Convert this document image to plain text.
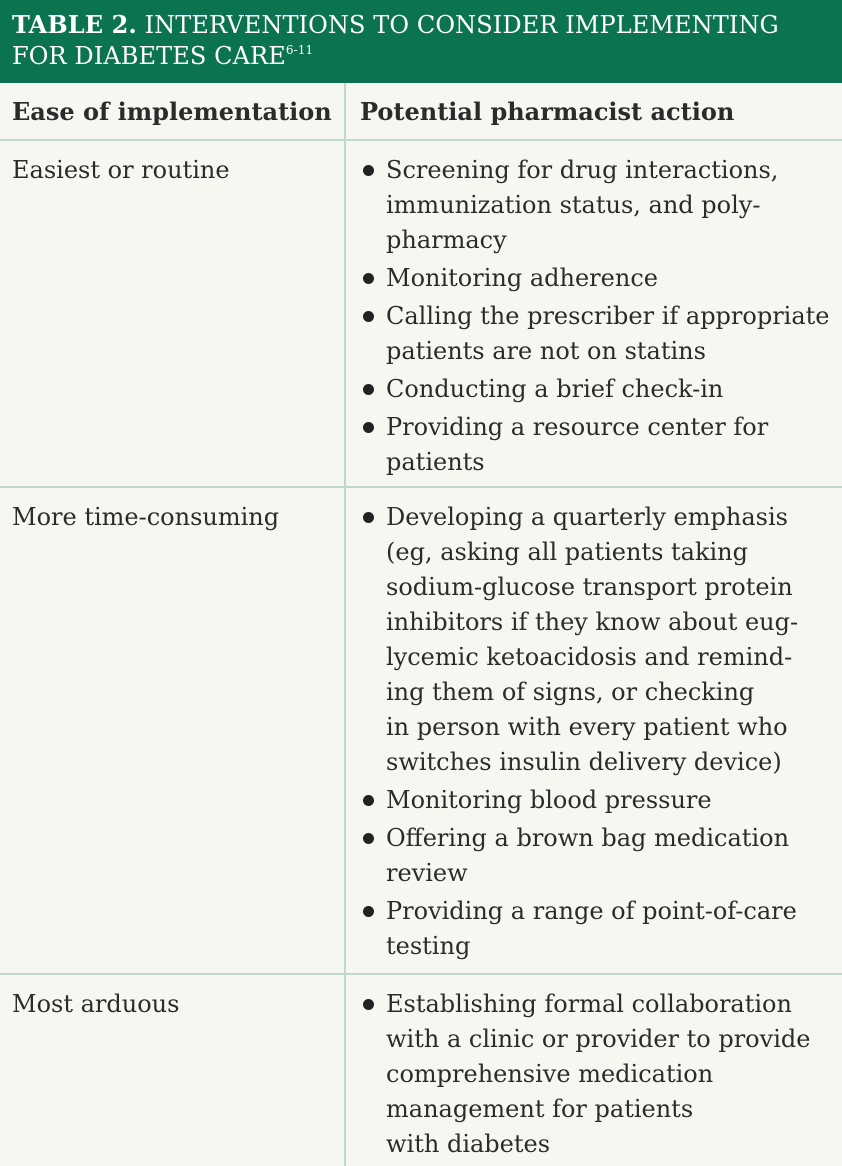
TABLE 2. INTERVENTIONS TO CONSIDER IMPLEMENTING
FOR DIABETES CARE$^{6-11}$
Ease of implementation	Potential pharmacist action
Easiest or routine	Screening for drug interactions,
immunization status, and poly-
pharmacy
Monitoring adherence
Calling the prescriber if appropriate
patients are not on statins
Conducting a brief check-in
Providing a resource center for
patients
More time-consuming	Developing a quarterly emphasis
(eg, asking all patients taking
sodium-glucose transport protein
inhibitors if they know about eug-
lycemic ketoacidosis and remind-
ing them of signs, or checking
in person with every patient who
switches insulin delivery device)
Monitoring blood pressure
Offering a brown bag medication
review
Providing a range of point-of-care
testing
Most arduous	Establishing formal collaboration
with a clinic or provider to provide
comprehensive medication
management for patients
with diabetes
